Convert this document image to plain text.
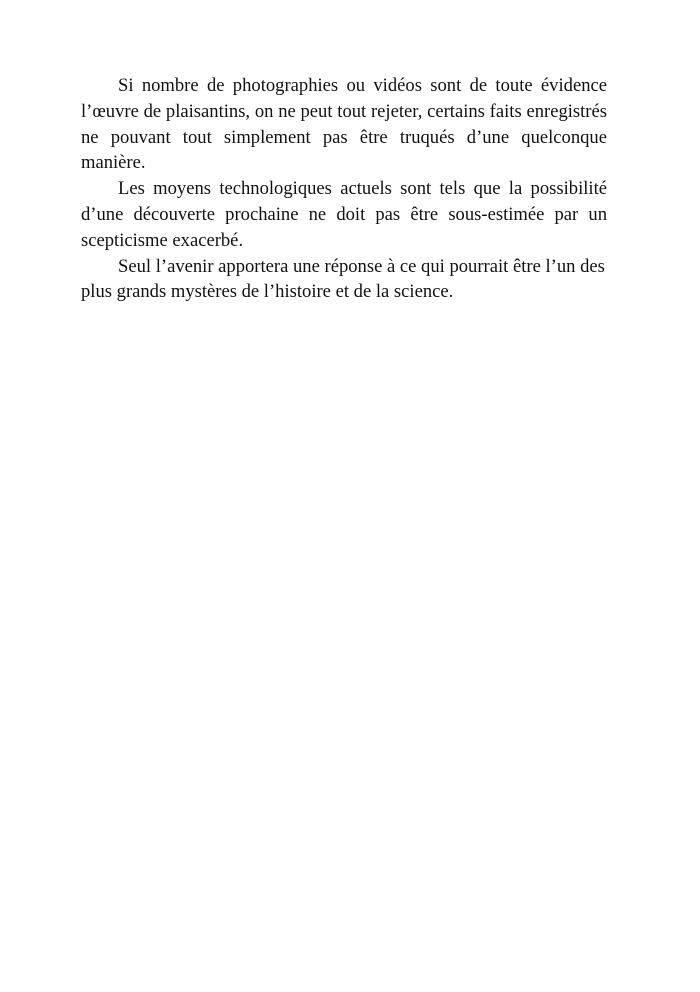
Si nombre de photographies ou vidéos sont de toute évidence l’œuvre de plaisantins, on ne peut tout rejeter, certains faits enregistrés ne pouvant tout simplement pas être truqués d’une quelconque manière.

Les moyens technologiques actuels sont tels que la possibilité d’une découverte prochaine ne doit pas être sous-estimée par un scepticisme exacerbé.

Seul l’avenir apportera une réponse à ce qui pourrait être l’un des plus grands mystères de l’histoire et de la science.
